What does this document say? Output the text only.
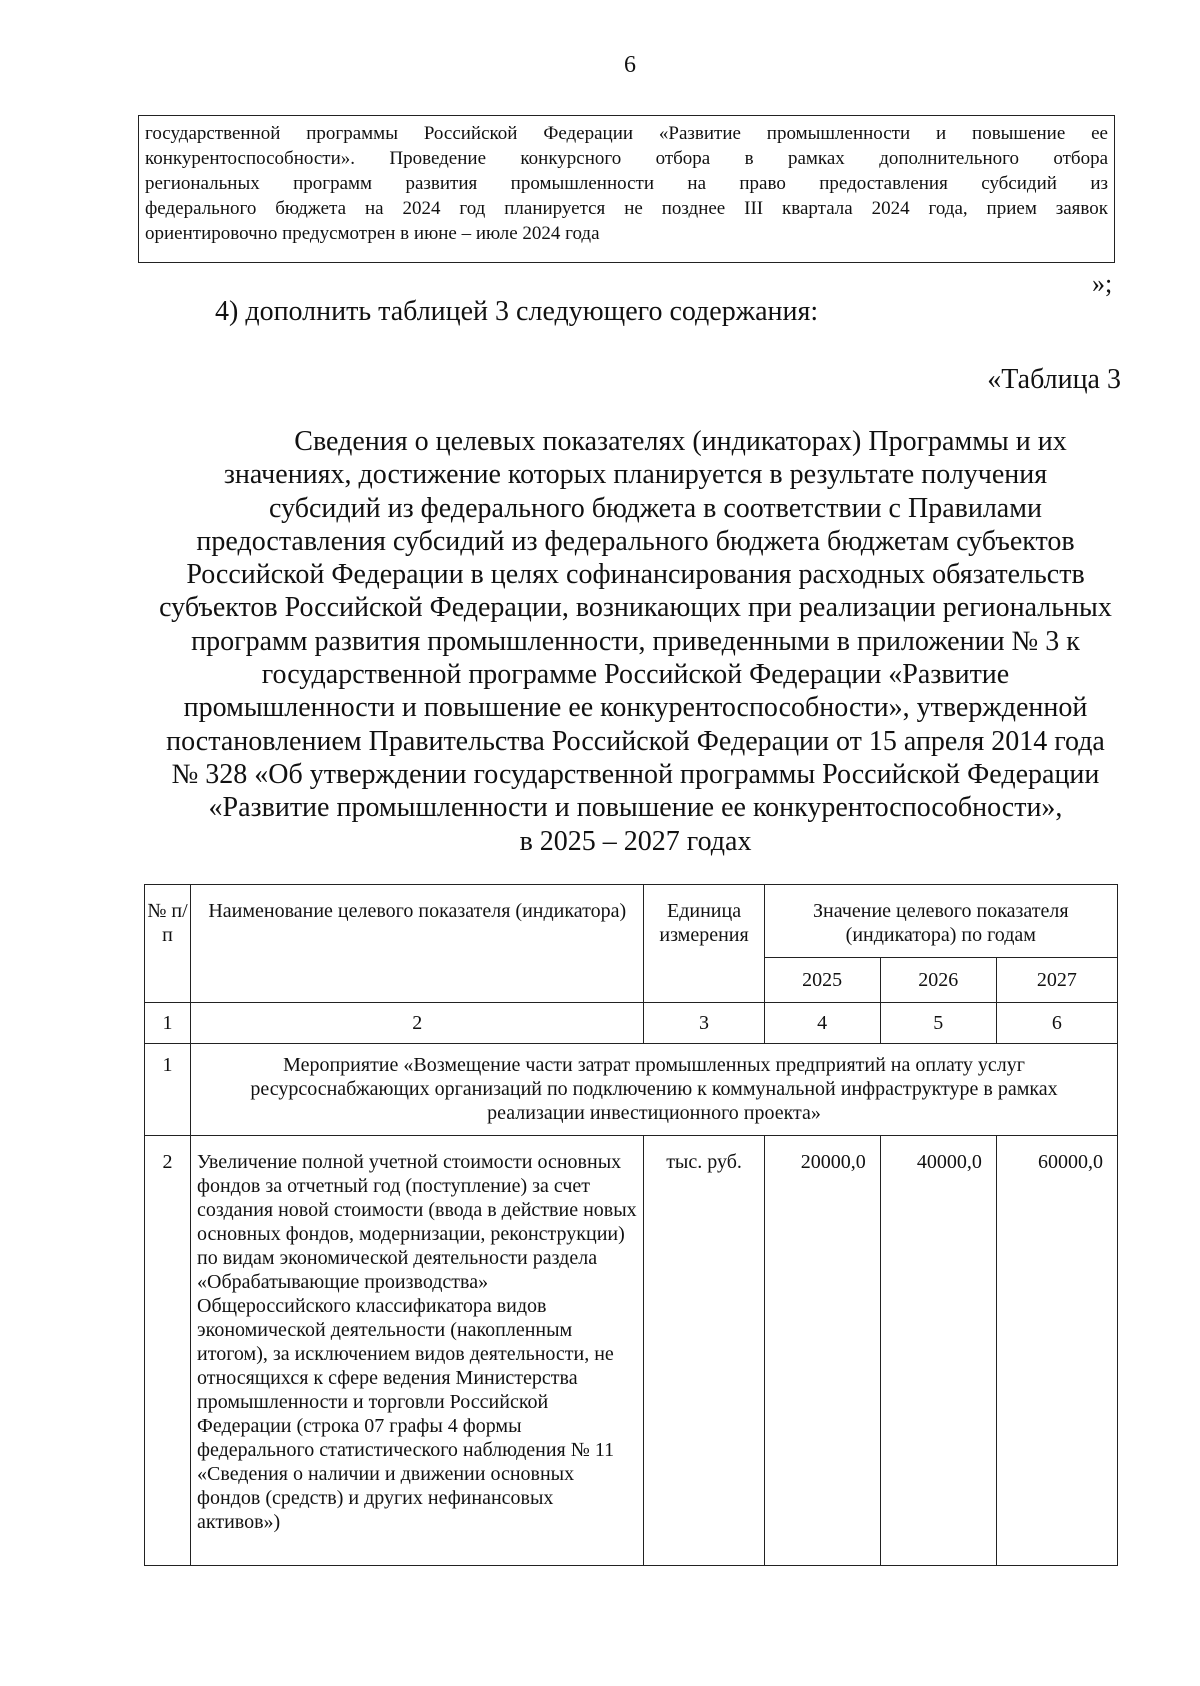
6
государственной программы Российской Федерации «Развитие промышленности и повышение ее
конкурентоспособности». Проведение конкурсного отбора в рамках дополнительного отбора
региональных программ развития промышленности на право предоставления субсидий из
федерального бюджета на 2024 год планируется не позднее III квартала 2024 года, прием заявок
ориентировочно предусмотрен в июне – июле 2024 года
»;
4) дополнить таблицей 3 следующего содержания:
«Таблица 3
Сведения о целевых показателях (индикаторах) Программы и их
значениях, достижение которых планируется в результате получения
субсидий из федерального бюджета в соответствии с Правилами
предоставления субсидий из федерального бюджета бюджетам субъектов
Российской Федерации в целях софинансирования расходных обязательств
субъектов Российской Федерации, возникающих при реализации региональных
программ развития промышленности, приведенными в приложении № 3 к
государственной программе Российской Федерации «Развитие
промышленности и повышение ее конкурентоспособности», утвержденной
постановлением Правительства Российской Федерации от 15 апреля 2014 года
№ 328 «Об утверждении государственной программы Российской Федерации
«Развитие промышленности и повышение ее конкурентоспособности»,
в 2025 – 2027 годах
№ п/п	Наименование целевого показателя (индикатора)	Единица измерения	Значение целевого показателя (индикатора) по годам		
			2025	2026	2027
1	2	3	4	5	6
1	Мероприятие «Возмещение части затрат промышленных предприятий на оплату услуг ресурсоснабжающих организаций по подключению к коммунальной инфраструктуре в рамках реализации инвестиционного проекта»				
2	Увеличение полной учетной стоимости основных фондов за отчетный год (поступление) за счет создания новой стоимости (ввода в действие новых основных фондов, модернизации, реконструкции) по видам экономической деятельности раздела «Обрабатывающие производства» Общероссийского классификатора видов экономической деятельности (накопленным итогом), за исключением видов деятельности, не относящихся к сфере ведения Министерства промышленности и торговли Российской Федерации (строка 07 графы 4 формы федерального статистического наблюдения № 11 «Сведения о наличии и движении основных фондов (средств) и других нефинансовых активов»)	тыс. руб.	20000,0	40000,0	60000,0
